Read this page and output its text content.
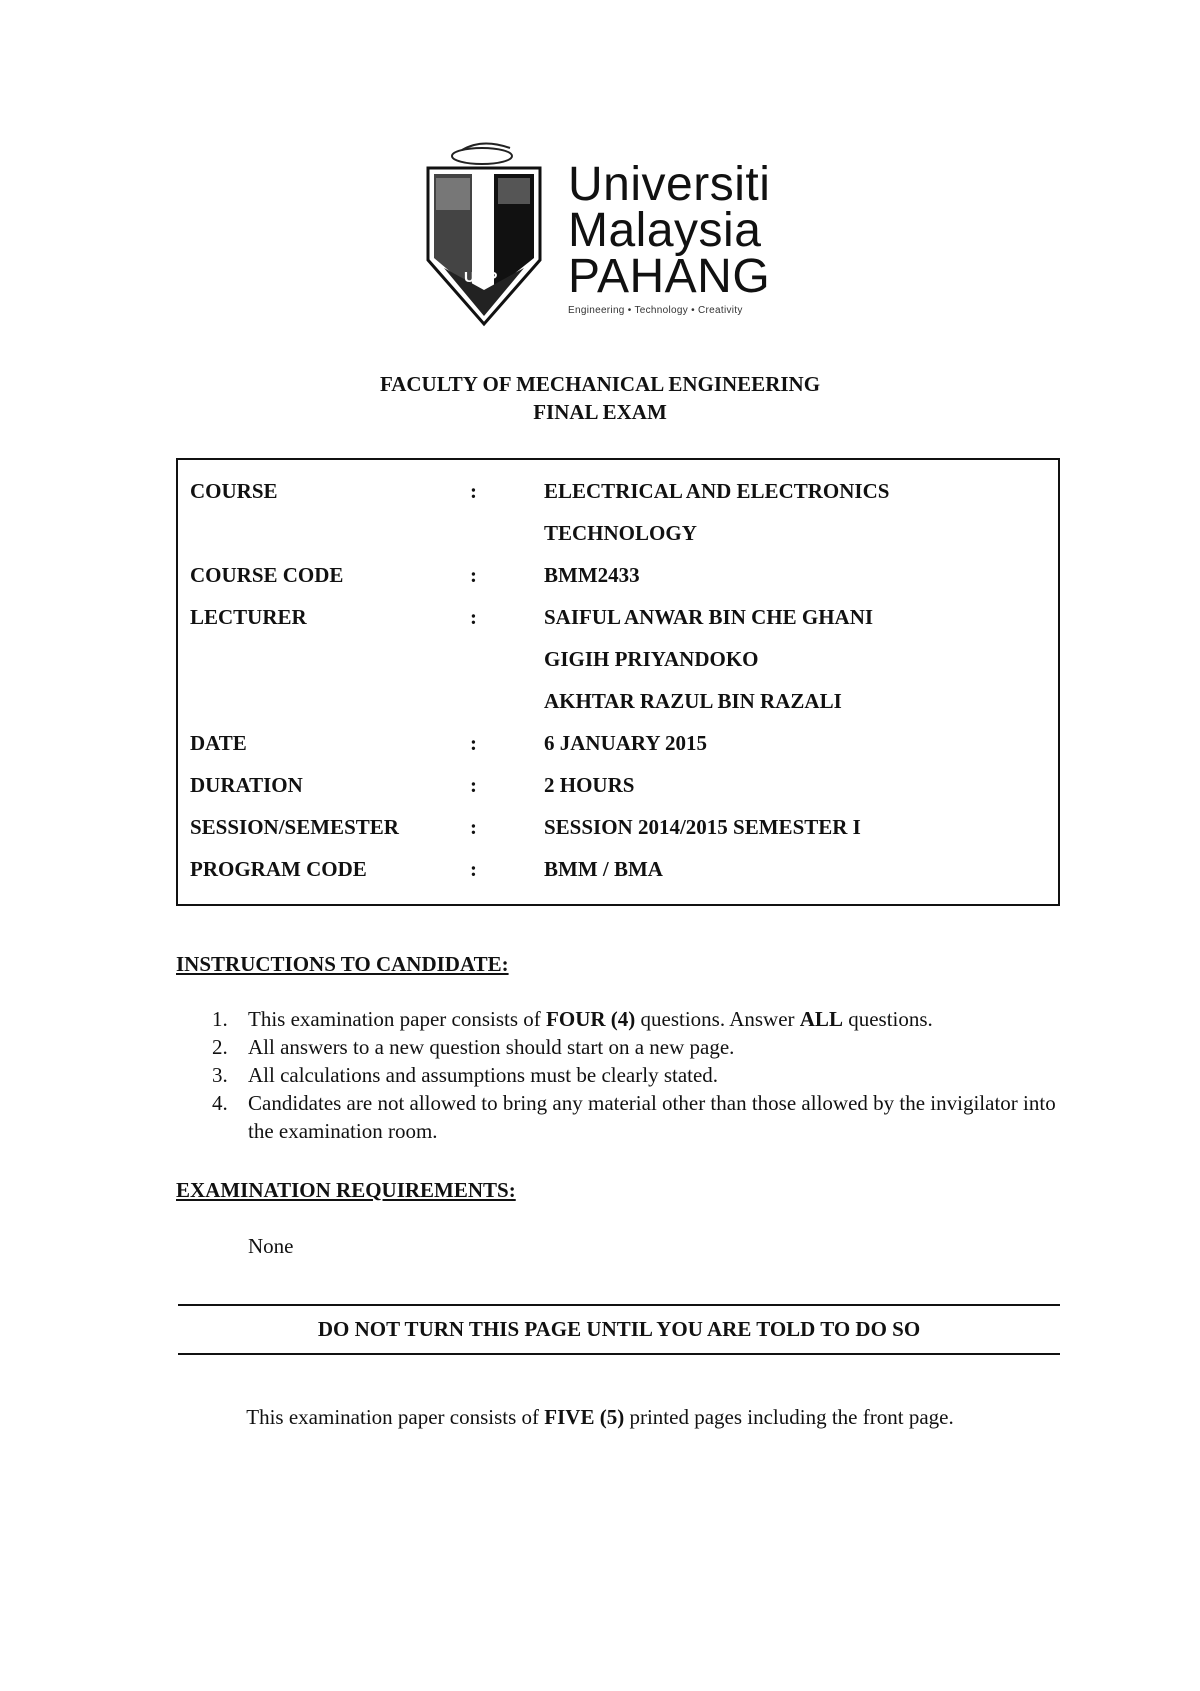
UMP
Universiti
Malaysia
PAHANG
Engineering • Technology • Creativity
FACULTY OF MECHANICAL ENGINEERING
FINAL EXAM
COURSE	:	ELECTRICAL AND ELECTRONICS
TECHNOLOGY
COURSE CODE	:	BMM2433
LECTURER	:	SAIFUL ANWAR BIN CHE GHANI
GIGIH PRIYANDOKO
AKHTAR RAZUL BIN RAZALI
DATE	:	6 JANUARY 2015
DURATION	:	2 HOURS
SESSION/SEMESTER	:	SESSION 2014/2015 SEMESTER I
PROGRAM CODE	:	BMM / BMA
INSTRUCTIONS TO CANDIDATE:
1. This examination paper consists of FOUR (4) questions. Answer ALL questions.
2. All answers to a new question should start on a new page.
3. All calculations and assumptions must be clearly stated.
4. Candidates are not allowed to bring any material other than those allowed by the invigilator into the examination room.
EXAMINATION REQUIREMENTS:
None
DO NOT TURN THIS PAGE UNTIL YOU ARE TOLD TO DO SO
This examination paper consists of FIVE (5) printed pages including the front page.
